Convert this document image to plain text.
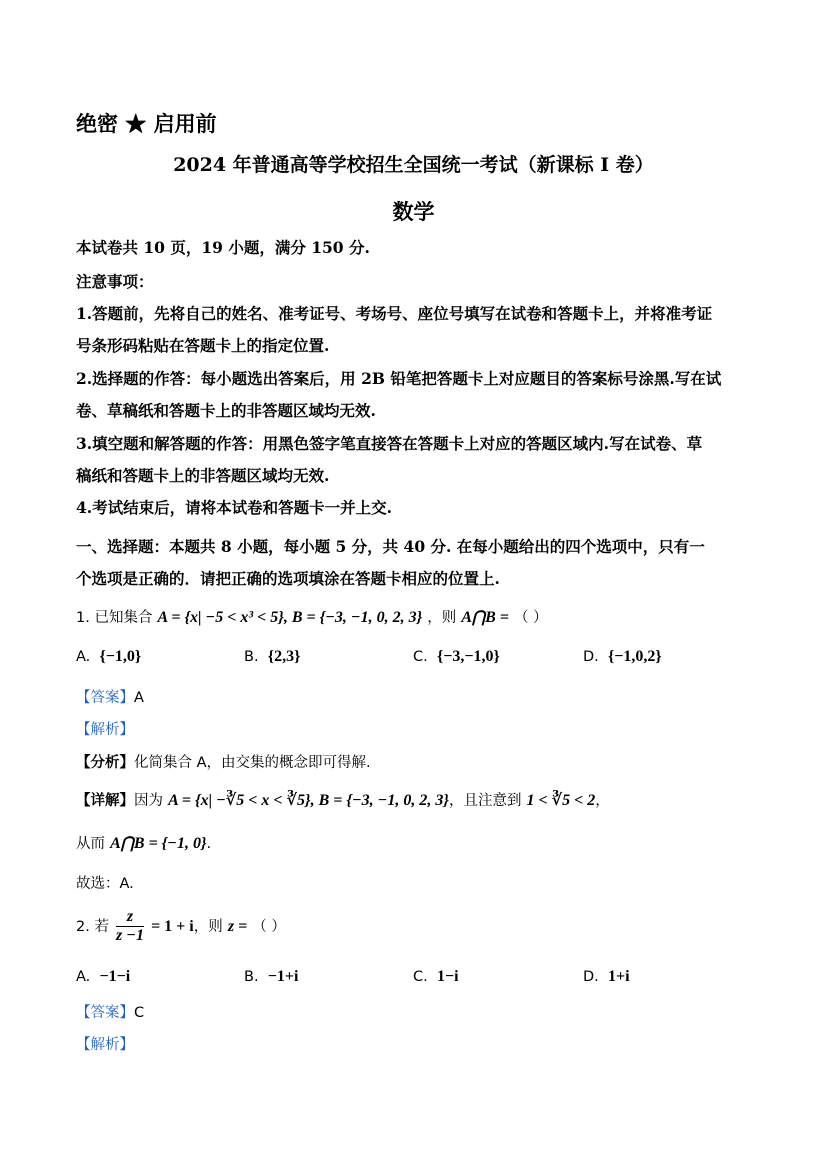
绝密 ★ 启用前
2024 年普通高等学校招生全国统一考试（新课标 I 卷）
数学
本试卷共 10 页，19 小题，满分 150 分.
注意事项：
1.答题前，先将自己的姓名、准考证号、考场号、座位号填写在试卷和答题卡上，并将准考证
号条形码粘贴在答题卡上的指定位置.
2.选择题的作答：每小题选出答案后，用 2B 铅笔把答题卡上对应题目的答案标号涂黑.写在试
卷、草稿纸和答题卡上的非答题区域均无效.
3.填空题和解答题的作答：用黑色签字笔直接答在答题卡上对应的答题区域内.写在试卷、草
稿纸和答题卡上的非答题区域均无效.
4.考试结束后，请将本试卷和答题卡一并上交.
一、选择题：本题共 8 小题，每小题 5 分，共 40 分. 在每小题给出的四个选项中，只有一
个选项是正确的．请把正确的选项填涂在答题卡相应的位置上.
1. 已知集合 A = {x| −5 < x³ < 5}, B = {−3, −1, 0, 2, 3} ，则 A⋂B = （ ）
A. {−1,0}	B. {2,3}	C. {−3,−1,0}	D. {−1,0,2}
【答案】A
【解析】
【分析】化简集合 A，由交集的概念即可得解.
【详解】因为 A = {x| −∛5 < x < ∛5}, B = {−3, −1, 0, 2, 3}，且注意到 1 < ∛5 < 2，
从而 A⋂B = {−1, 0}.
故选：A.
2. 若 $\frac{z}{z -1} = 1 + i$，则 z = （ ）
A. −1−i	B. −1+i	C. 1−i	D. 1+i
【答案】C
【解析】
